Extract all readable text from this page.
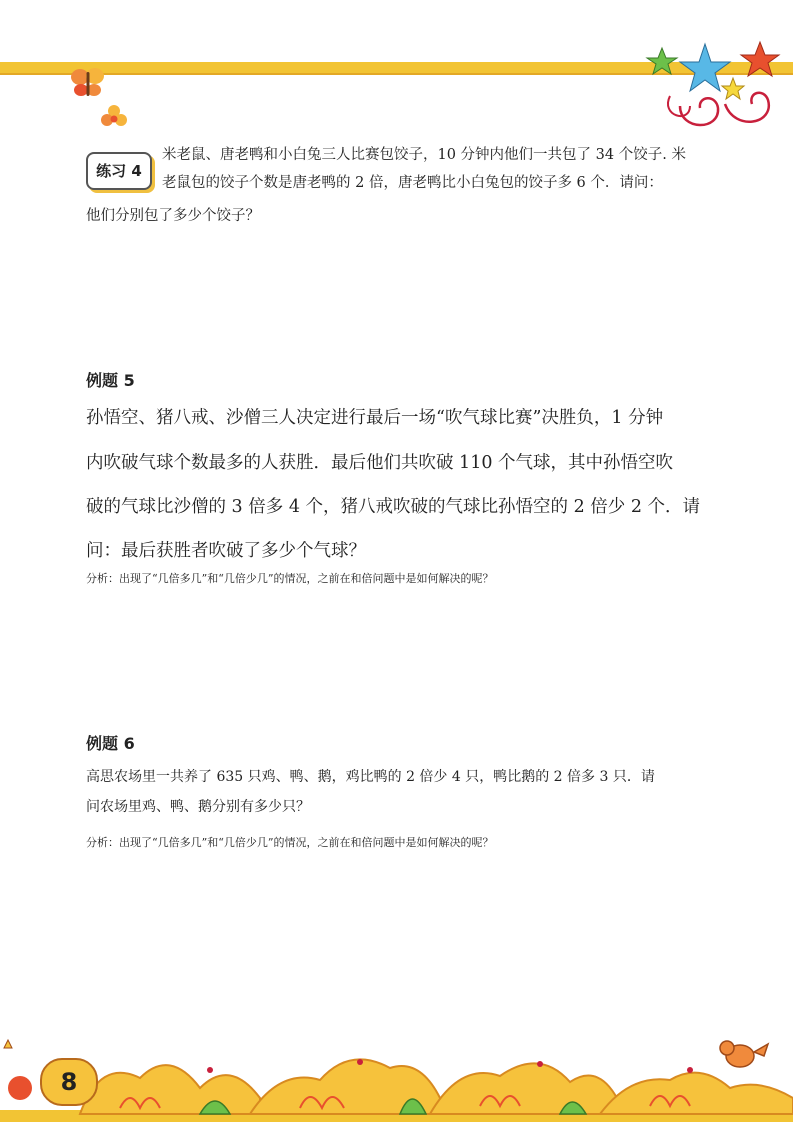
练习 4

米老鼠、唐老鸭和小白兔三人比赛包饺子，10 分钟内他们一共包了 34 个饺子. 米

老鼠包的饺子个数是唐老鸭的 2 倍，唐老鸭比小白兔包的饺子多 6 个．请问：

他们分别包了多少个饺子？

例题 5

孙悟空、猪八戒、沙僧三人决定进行最后一场“吹气球比赛”决胜负，1 分钟

内吹破气球个数最多的人获胜．最后他们共吹破 110 个气球，其中孙悟空吹

破的气球比沙僧的 3 倍多 4 个，猪八戒吹破的气球比孙悟空的 2 倍少 2 个．请

问：最后获胜者吹破了多少个气球？

分析：出现了“几倍多几”和“几倍少几”的情况，之前在和倍问题中是如何解决的呢？

例题 6

高思农场里一共养了 635 只鸡、鸭、鹅，鸡比鸭的 2 倍少 4 只，鸭比鹅的 2 倍多 3 只．请

问农场里鸡、鸭、鹅分别有多少只？

分析：出现了“几倍多几”和“几倍少几”的情况，之前在和倍问题中是如何解决的呢？

8
